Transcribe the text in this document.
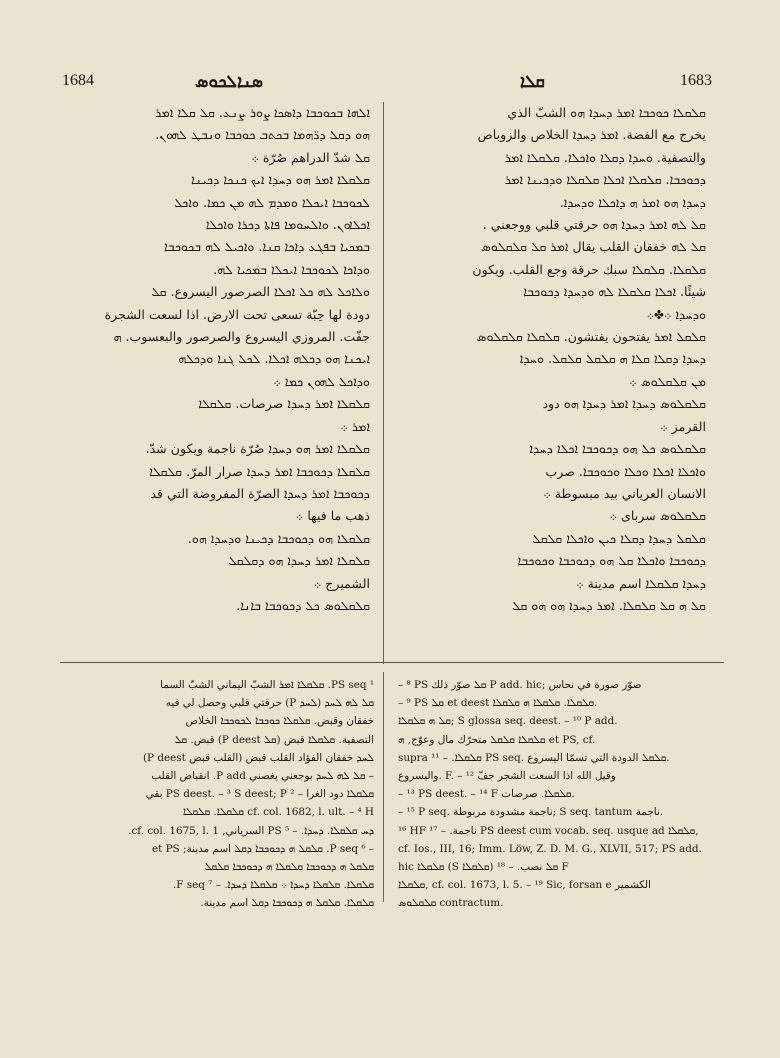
1684	ܣܢܐܠܟܘܣ	ܩܠܐ	1683

ܐܠܗܐ ܒܟܘܟܒܐ ܕܐܣܟܐ ܨܘܪ ܨܢܥ. ܩܠ ܩܠܐ ܐܡܪ

ܗܘ ܕܩܠ ܕܪ̈ܗܡܐ ܒܟܬܒ ܟܘܟܒܐ ܘܢܒܛ ܠܗܘܢ.

ܩܠ شدّ الدراهم صُرّة ܀

ܩܠܩܠܐ ܐܡܪ ܗܘ ܕܚܕܐ ܐܝܟ ܟܢܟܐ ܕܟܝܢܐ

ܠܟܘܟܒܐ ܐܝܟܠܐ ܘܡܕܡ ܠܗ ܡܢ ܟܡܐ. ܘܐܟܠ

ܐܟܠܐܘܢ. ܘܐܠܚܘܡܐ ܦܐܬܐ ܕܟܪܐ ܘܐܟܠܐ

ܒܡܟܝܐ ܒܦܓܥ ܕܐܟܐ ܩܢܐ. ܘܐܟܝܠ ܠܗ ܒܟܘܟܒܐ

ܘܕܐܟܐ ܠܟܘܟܒܐ ܐܝܟܠܐ ܒܡܟܝܐ ܠܗ.

ܘܠܐܟܠ ܠܗ ܟܠ ܐܟܠܐ الصرصور اليسروع. ܩܠ

دودة لها حِبّة تسعى تحت الارض. اذا لسعت الشجرة

جفّت. المروزي اليسروع والصرصور والبعسوب. ܗ

ܐܝܟܢܐ ܗܘ ܕܟܠܗ ܐܟܠܐ. ܠܟܠ ܓܢܐ ܘܕܟܠܗ

ܘܕܐܟܠ ܠܗܘܢ ܟܡܐ ܀

ܩܠܩܠܐ ܐܡܪ ܕܚܕܐ صرصات. ܩܠܩܠܐ

ܐܡܪ ܀

ܩܠܩܠܐ ܐܡܪ ܗܘ ܕܚܕܐ صُرّة ناجمة ويكون شدّ.

ܩܠܩܠܐ ܕܟܘܟܒܐ ܐܡܪ ܕܚܕܐ صرار المرّ. ܩܠܩܠܐ

ܕܟܘܟܒܐ ܐܡܪ ܕܚܕܐ الصرّة المفروضة التي قد

ذهب ما فيها ܀

ܩܠܩܠܐ ܗܘ ܕܟܘܟܒܐ ܕܟܝܢܐ ܘܕܚܕܐ ܗܘ.

ܩܠܩܠܐ ܐܡܪ ܕܚܕܐ ܗܘ ܕܩܠܩܠ

الشميرج ܀

ܩܠܩܠܘܣ ܟܠ ܕܟܘܟܒܐ ܒܐܢܐ.

ܩܠܩܠܐ ܟܘܟܒܐ ܐܡܪ ܕܚܕܐ ܗܘ الشبّ الذي

يخرج مع الفضة. ܐܡܪ ܕܚܕܐ الخلاص والزوباص

والتصفية. ܘܚܕܐ ܕܩܠܐ ܘܐܟܠܐ. ܩܠܩܠܐ ܐܡܪ

ܕܟܘܟܒܐ. ܩܠܩܠܐ ܐܟܠܐ ܩܠܩܠܐ ܘܕܟܝܢܐ ܐܡܪ

ܕܚܕܐ ܗܘ ܐܡܪ ܗ ܕܐܟܠܐ ܘܕܚܕܐ.

ܩܠ ܠܗ ܐܡܪ ܕܚܕܐ ܗܘ حرقتي قلبي ووجعني .

ܩܠ ܠܗ خفقان القلب يقال ܐܡܪ ܩܠ ܩܠܩܠܘܣ

ܩܠܩܠܐ. ܩܠܩܠܐ سبك حرقة وجع القلب. ويكون

شيئًا. ܐܟܠܐ ܩܠܩܠܐ ܠܗ ܘܕܚܕܐ ܕܟܘܟܒܐ

ܘܕܚܕܐ ܀✤܀

ܩܠܩܠ ܐܡܪ يفتحون يفتشون. ܩܠܩܠܐ ܩܠܩܠܘܣ

ܕܚܕܐ ܕܩܠܐ ܩܠܐ ܗ ܩܠܩܠ ܩܠܩܠ. ܘܚܕܐ

ܡܢ ܩܠܩܠܘܣ ܀

ܩܠܩܠܘܣ ܕܚܕܐ ܐܡܪ ܕܚܕܐ ܗܘ دود

القرمز ܀

ܩܠܩܠܘܣ ܟܠ ܗܘ ܕܟܘܟܒܐ ܐܟܠܐ ܕܚܕܐ

ܘܐܟܠܐ ܐܟܠܐ ܘܟܠܐ ܘܟܘܟܒܐ. صرب

الانسان العرياني بيد مبسوطة ܀

ܩܠܩܠܘܣ سرباى ܀

ܩܠܩܠ ܕܚܕܐ ܕܩܠܐ ܟܝܢ ܘܐܟܠܐ ܩܠܩܠ

ܕܟܘܟܒܐ ܘܐܟܠܐ ܩܠ ܗܘ ܕܟܘܟܒܐ ܘܟܘܟܒܐ

ܕܚܕܐ ܩܠܩܠܐ اسم مدينة ܀

ܩܠ ܗ ܩܠ ܩܠܩܠܐ. ܐܡܪ ܕܚܕܐ ܗܘ ܗܘ ܩܠ

¹ PS seq. ܩܠܩܠܐ ܐܡܪ الشبّ اليماني الشبّ السما

ܩܠ ܠܗ ܠܚܕ (ܠܚܕ P) حرقتي قلبي وحصل لي فيه

خفقان وقبض. ܩܠܩܠܐ ܟܘܟܒܐ ܠܟܘܟܒܐ الخلاص

التصفية. ܩܠܩܠܐ قبض (ܩܠ P deest) قبض. ܩܠ

ܠܚܕ خفقان الفؤاد القلب قبض (القلب قبض P deest)

– ܩܠ ܠܗ ܠܚܕ بوجعني يغصني P add. انقباض القلب

ܩܠܩܠܐ دود الغرا – ² PS deest. – ³ S deest; P بقي

cf. col. 1682, l. ult. – ⁴ H ܩܠܩܠܐ. ܩܠܩܠܐ

ܕܚ ܩܠܩܠܐ. ܕܚܕܐ. – ⁵ PS السرياني, cf. col. 1675, l. 1.

– ⁶ P seq. ܩܠܩܠ ܗ ܕܟܘܟܒܐ ܕܩܠ اسم مدينة; et PS

ܩܠܩܠ ܗ ܕܟܘܟܒܐ ܩܠܩܠܐ ܗ ܕܟܘܟܒܐ ܩܠܩܠ

ܩܠܩܠܐ. ܩܠܩܠܐ ܕܚܕܐ ܀ ܩܠܩܠܐ ܕܚܕܐ. – ⁷ F seq.

ܩܠܩܠܐ. ܩܠܩܠ ܗ ܕܟܘܟܒܐ ܕܩܠ اسم مدينة.

– ⁸ PS ܩܠ صوّر ذلك P add. hic; صوّر صورة في نحاس

– ⁹ PS ܩܠ et deest ܩܠܩܠܐ. ܩܠܩܠܐ ܗ ܩܠܩܠܐ.

ܩܠ ܗ ܩܠܩܠܐ; S glossa seq. deest. – ¹⁰ P add.

ܩܠܩܠܐ ܩܠܩܠ متحرّك مال وعوّج, ܗ et PS, cf.

supra ܩܠܩܠܐ. – ¹¹ PS seq. ܩܠܩܠ الدودة التي تسمّا اليسروع.

واليسروع. F. – ¹² وقيل الله اذا السعت الشجر جفّ

– ¹³ PS deest. – ¹⁴ F ܩܠܩܠܐ. صرصات.

– ¹⁵ P seq. ناجمة مشدودة مربوطة; S seq. tantum ناجمة.

¹⁶ HF ناجمة. – ¹⁷ PS deest cum vocab. seq. usque ad ܩܠܩܠܐ,

cf. Ios., III, 16; Imm. Löw, Z. D. M. G., XLVII, 517; PS add.

hic ܩܠܩܠܐ (S ܩܠܩܠܐ) ܩܠ نصب. – ¹⁸ F

ܩܠܩܠܐ, cf. col. 1673, l. 5. – ¹⁹ Sic, forsan e الكشمير

ܩܠܩܠܘܣ contractum.
